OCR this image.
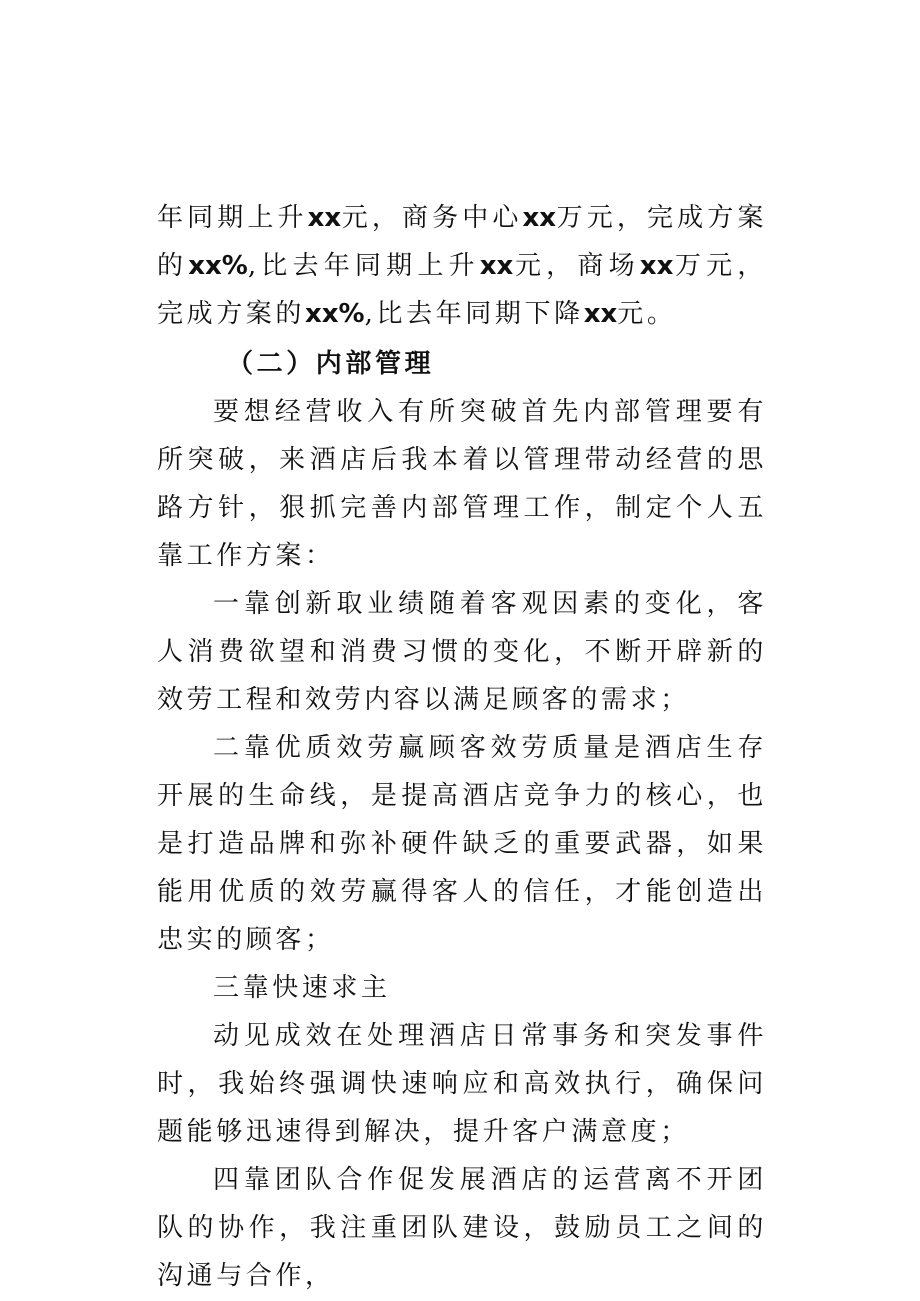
年同期上升xx元，商务中心xx万元，完成方案的xx%,比去年同期上升xx元，商场xx万元，完成方案的xx%,比去年同期下降xx元。

（二）内部管理

要想经营收入有所突破首先内部管理要有所突破，来酒店后我本着以管理带动经营的思路方针，狠抓完善内部管理工作，制定个人五靠工作方案：

一靠创新取业绩随着客观因素的变化，客人消费欲望和消费习惯的变化，不断开辟新的效劳工程和效劳内容以满足顾客的需求；

二靠优质效劳赢顾客效劳质量是酒店生存开展的生命线，是提高酒店竞争力的核心，也是打造品牌和弥补硬件缺乏的重要武器，如果能用优质的效劳赢得客人的信任，才能创造出忠实的顾客；

三靠快速求主

动见成效在处理酒店日常事务和突发事件时，我始终强调快速响应和高效执行，确保问题能够迅速得到解决，提升客户满意度；

四靠团队合作促发展酒店的运营离不开团队的协作，我注重团队建设，鼓励员工之间的沟通与合作，
